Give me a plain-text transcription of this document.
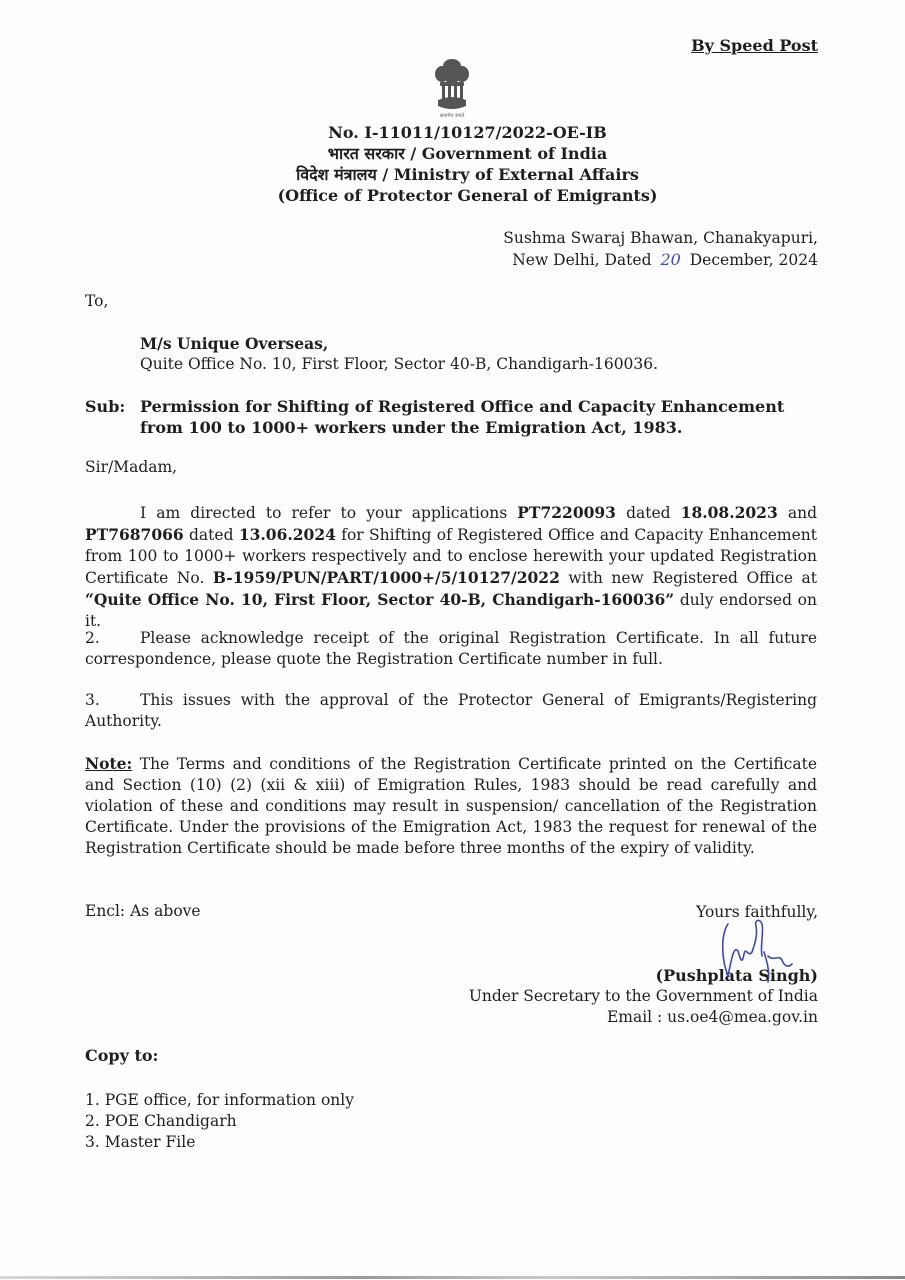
By Speed Post
सत्यमेव जयते
No. I-11011/10127/2022-OE-IB
भारत सरकार / Government of India
विदेश मंत्रालय / Ministry of External Affairs
(Office of Protector General of Emigrants)
Sushma Swaraj Bhawan, Chanakyapuri,
New Delhi, Dated 20 December, 2024
To,
M/s Unique Overseas,
Quite Office No. 10, First Floor, Sector 40-B, Chandigarh-160036.
Sub: Permission for Shifting of Registered Office and Capacity Enhancement from 100 to 1000+ workers under the Emigration Act, 1983.
Sir/Madam,
I am directed to refer to your applications PT7220093 dated 18.08.2023 and PT7687066 dated 13.06.2024 for Shifting of Registered Office and Capacity Enhancement from 100 to 1000+ workers respectively and to enclose herewith your updated Registration Certificate No. B-1959/PUN/PART/1000+/5/10127/2022 with new Registered Office at “Quite Office No. 10, First Floor, Sector 40-B, Chandigarh-160036” duly endorsed on it.
2.	Please acknowledge receipt of the original Registration Certificate. In all future correspondence, please quote the Registration Certificate number in full.
3.	This issues with the approval of the Protector General of Emigrants/Registering Authority.
Note: The Terms and conditions of the Registration Certificate printed on the Certificate and Section (10) (2) (xii & xiii) of Emigration Rules, 1983 should be read carefully and violation of these and conditions may result in suspension/ cancellation of the Registration Certificate. Under the provisions of the Emigration Act, 1983 the request for renewal of the Registration Certificate should be made before three months of the expiry of validity.
Encl: As above	Yours faithfully,
(Pushplata Singh)
Under Secretary to the Government of India
Email : us.oe4@mea.gov.in
Copy to:
1. PGE office, for information only
2. POE Chandigarh
3. Master File
